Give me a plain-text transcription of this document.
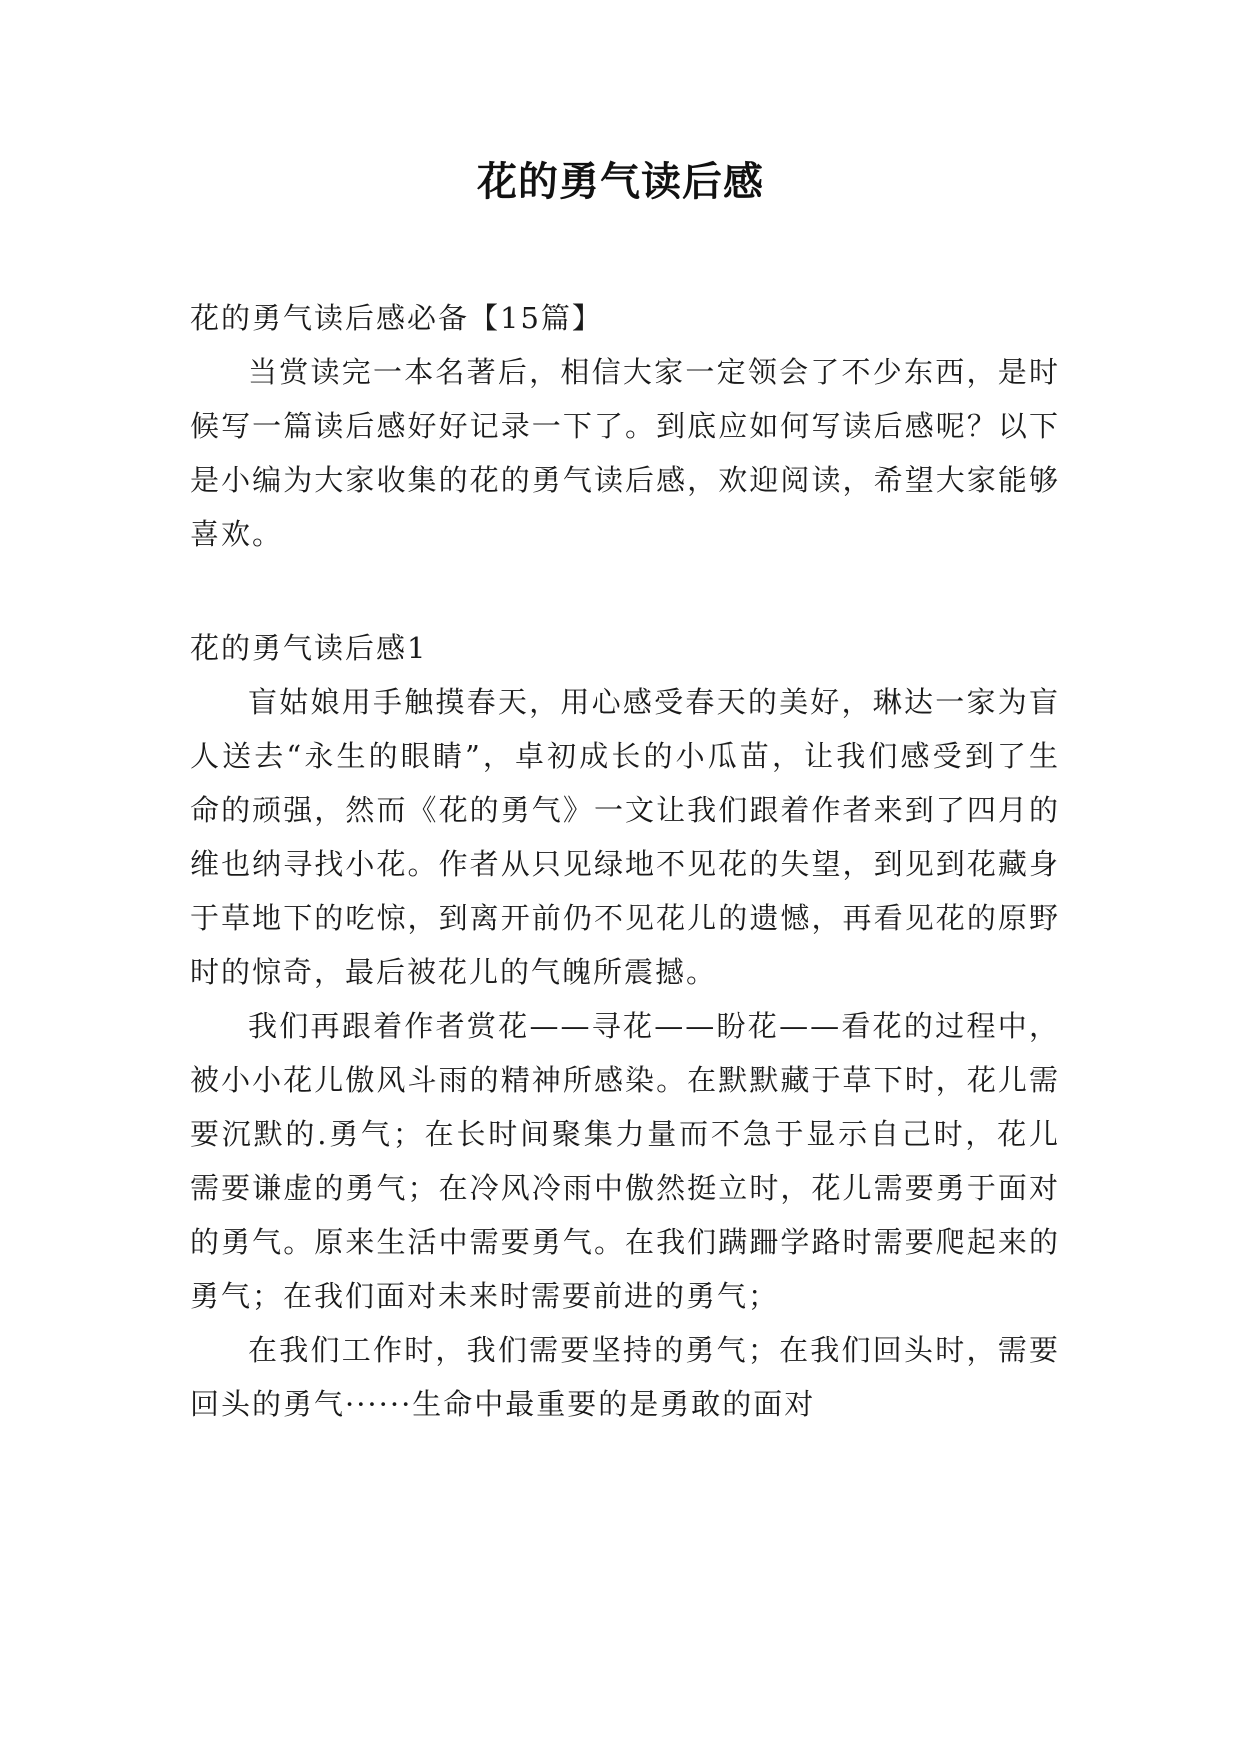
花的勇气读后感

花的勇气读后感必备【15篇】

当赏读完一本名著后，相信大家一定领会了不少东西，是时候写一篇读后感好好记录一下了。到底应如何写读后感呢？以下是小编为大家收集的花的勇气读后感，欢迎阅读，希望大家能够喜欢。

花的勇气读后感1

盲姑娘用手触摸春天，用心感受春天的美好，琳达一家为盲人送去“永生的眼睛”，卓初成长的小瓜苗，让我们感受到了生命的顽强，然而《花的勇气》一文让我们跟着作者来到了四月的维也纳寻找小花。作者从只见绿地不见花的失望，到见到花藏身于草地下的吃惊，到离开前仍不见花儿的遗憾，再看见花的原野时的惊奇，最后被花儿的气魄所震撼。

我们再跟着作者赏花——寻花——盼花——看花的过程中，被小小花儿傲风斗雨的精神所感染。在默默藏于草下时，花儿需要沉默的.勇气；在长时间聚集力量而不急于显示自己时，花儿需要谦虚的勇气；在冷风冷雨中傲然挺立时，花儿需要勇于面对的勇气。原来生活中需要勇气。在我们蹒跚学路时需要爬起来的勇气；在我们面对未来时需要前进的勇气；

在我们工作时，我们需要坚持的勇气；在我们回头时，需要回头的勇气······生命中最重要的是勇敢的面对
